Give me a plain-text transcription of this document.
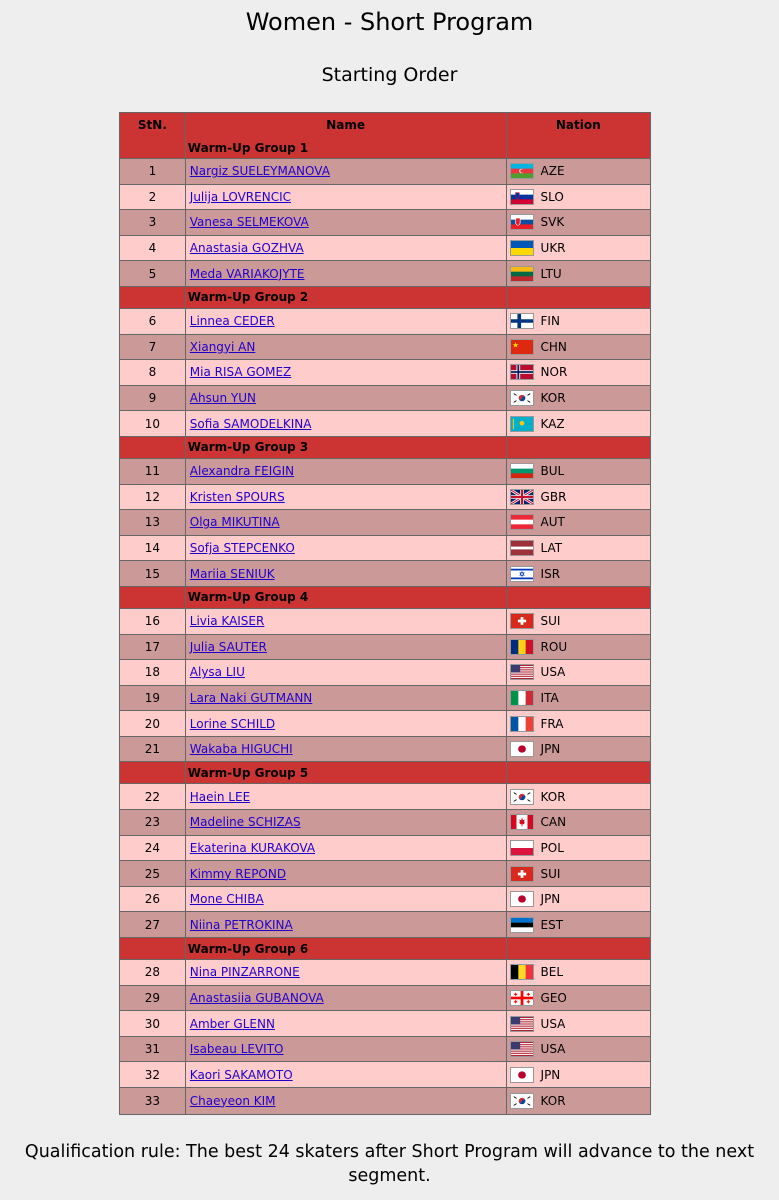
Women - Short Program
Starting Order
StN.	Name	Nation
	Warm-Up Group 1	
1	Nargiz SUELEYMANOVA	AZE
2	Julija LOVRENCIC	SLO
3	Vanesa SELMEKOVA	SVK
4	Anastasia GOZHVA	UKR
5	Meda VARIAKOJYTE	LTU
	Warm-Up Group 2	
6	Linnea CEDER	FIN
7	Xiangyi AN	CHN
8	Mia RISA GOMEZ	NOR
9	Ahsun YUN	KOR
10	Sofia SAMODELKINA	KAZ
	Warm-Up Group 3	
11	Alexandra FEIGIN	BUL
12	Kristen SPOURS	GBR
13	Olga MIKUTINA	AUT
14	Sofja STEPCENKO	LAT
15	Mariia SENIUK	ISR
	Warm-Up Group 4	
16	Livia KAISER	SUI
17	Julia SAUTER	ROU
18	Alysa LIU	USA
19	Lara Naki GUTMANN	ITA
20	Lorine SCHILD	FRA
21	Wakaba HIGUCHI	JPN
	Warm-Up Group 5	
22	Haein LEE	KOR
23	Madeline SCHIZAS	CAN
24	Ekaterina KURAKOVA	POL
25	Kimmy REPOND	SUI
26	Mone CHIBA	JPN
27	Niina PETROKINA	EST
	Warm-Up Group 6	
28	Nina PINZARRONE	BEL
29	Anastasiia GUBANOVA	GEO
30	Amber GLENN	USA
31	Isabeau LEVITO	USA
32	Kaori SAKAMOTO	JPN
33	Chaeyeon KIM	KOR
Qualification rule: The best 24 skaters after Short Program will advance to the next segment.
